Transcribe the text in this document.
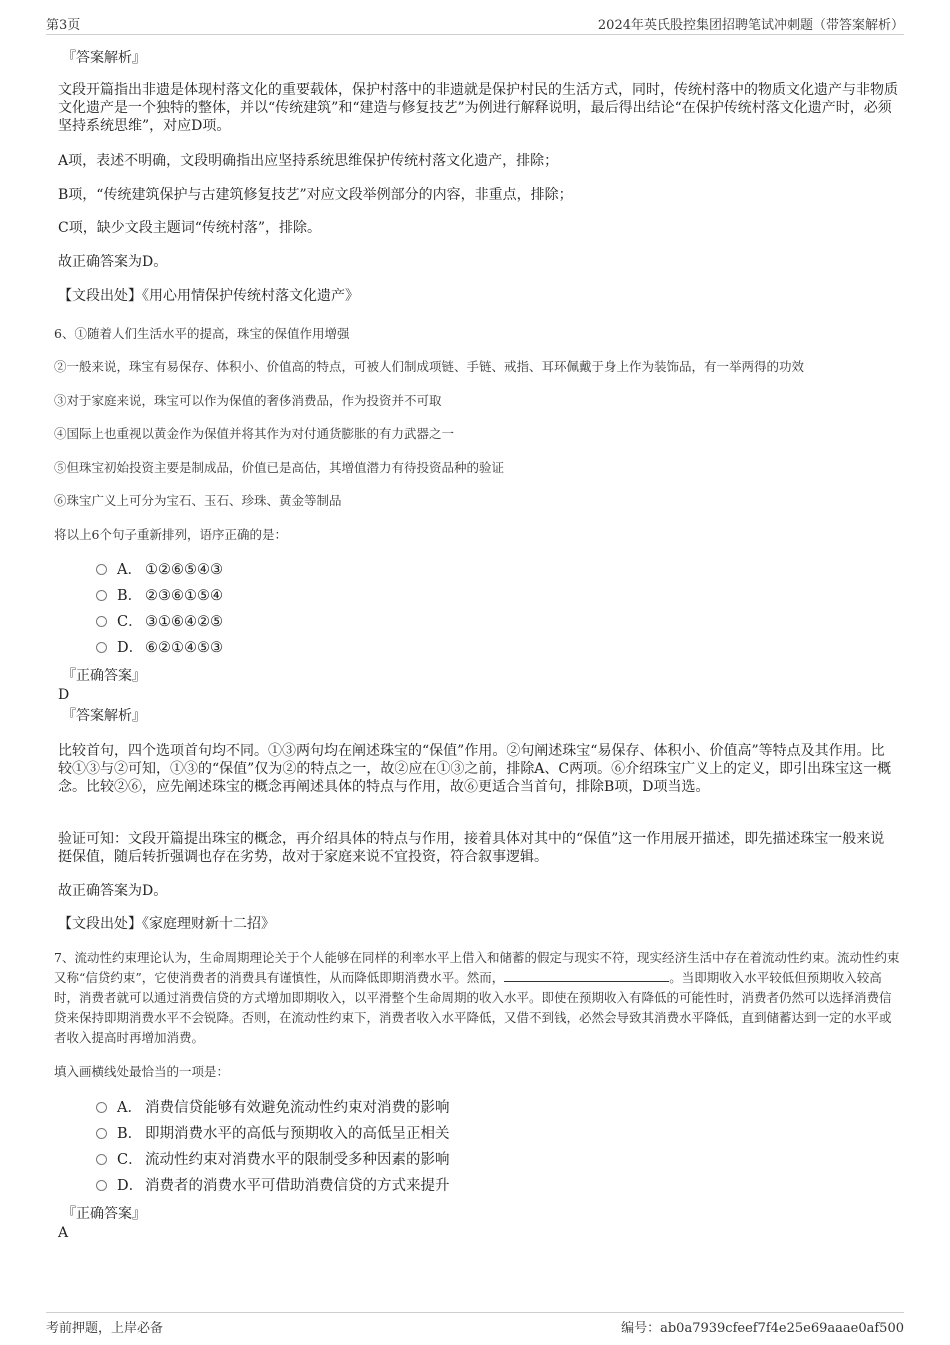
第3页	2024年英氏股控集团招聘笔试冲刺题（带答案解析）
『答案解析』
文段开篇指出非遗是体现村落文化的重要载体，保护村落中的非遗就是保护村民的生活方式，同时，传统村落中的物质文化遗产与非物质文化遗产是一个独特的整体，并以“传统建筑”和“建造与修复技艺”为例进行解释说明，最后得出结论“在保护传统村落文化遗产时，必须坚持系统思维”，对应D项。
A项，表述不明确，文段明确指出应坚持系统思维保护传统村落文化遗产，排除；
B项，“传统建筑保护与古建筑修复技艺”对应文段举例部分的内容，非重点，排除；
C项，缺少文段主题词“传统村落”，排除。
故正确答案为D。
【文段出处】《用心用情保护传统村落文化遗产》
6、①随着人们生活水平的提高，珠宝的保值作用增强
②一般来说，珠宝有易保存、体积小、价值高的特点，可被人们制成项链、手链、戒指、耳环佩戴于身上作为装饰品，有一举两得的功效
③对于家庭来说，珠宝可以作为保值的奢侈消费品，作为投资并不可取
④国际上也重视以黄金作为保值并将其作为对付通货膨胀的有力武器之一
⑤但珠宝初始投资主要是制成品，价值已是高估，其增值潜力有待投资品种的验证
⑥珠宝广义上可分为宝石、玉石、珍珠、黄金等制品
将以上6个句子重新排列，语序正确的是：
A． ①②⑥⑤④③
B． ②③⑥①⑤④
C． ③①⑥④②⑤
D． ⑥②①④⑤③
『正确答案』
D
『答案解析』
比较首句，四个选项首句均不同。①③两句均在阐述珠宝的“保值”作用。②句阐述珠宝“易保存、体积小、价值高”等特点及其作用。比较①③与②可知，①③的“保值”仅为②的特点之一，故②应在①③之前，排除A、C两项。⑥介绍珠宝广义上的定义，即引出珠宝这一概念。比较②⑥，应先阐述珠宝的概念再阐述具体的特点与作用，故⑥更适合当首句，排除B项，D项当选。
验证可知：文段开篇提出珠宝的概念，再介绍具体的特点与作用，接着具体对其中的“保值”这一作用展开描述，即先描述珠宝一般来说挺保值，随后转折强调也存在劣势，故对于家庭来说不宜投资，符合叙事逻辑。
故正确答案为D。
【文段出处】《家庭理财新十二招》
7、流动性约束理论认为，生命周期理论关于个人能够在同样的利率水平上借入和储蓄的假定与现实不符，现实经济生活中存在着流动性约束。流动性约束又称“信贷约束”，它使消费者的消费具有谨慎性，从而降低即期消费水平。然而，	。当即期收入水平较低但预期收入较高时，消费者就可以通过消费信贷的方式增加即期收入，以平滑整个生命周期的收入水平。即使在预期收入有降低的可能性时，消费者仍然可以选择消费信贷来保持即期消费水平不会锐降。否则，在流动性约束下，消费者收入水平降低，又借不到钱，必然会导致其消费水平降低，直到储蓄达到一定的水平或者收入提高时再增加消费。
填入画横线处最恰当的一项是：
A． 消费信贷能够有效避免流动性约束对消费的影响
B． 即期消费水平的高低与预期收入的高低呈正相关
C． 流动性约束对消费水平的限制受多种因素的影响
D． 消费者的消费水平可借助消费信贷的方式来提升
『正确答案』
A
考前押题，上岸必备	编号：ab0a7939cfeef7f4e25e69aaae0af500
